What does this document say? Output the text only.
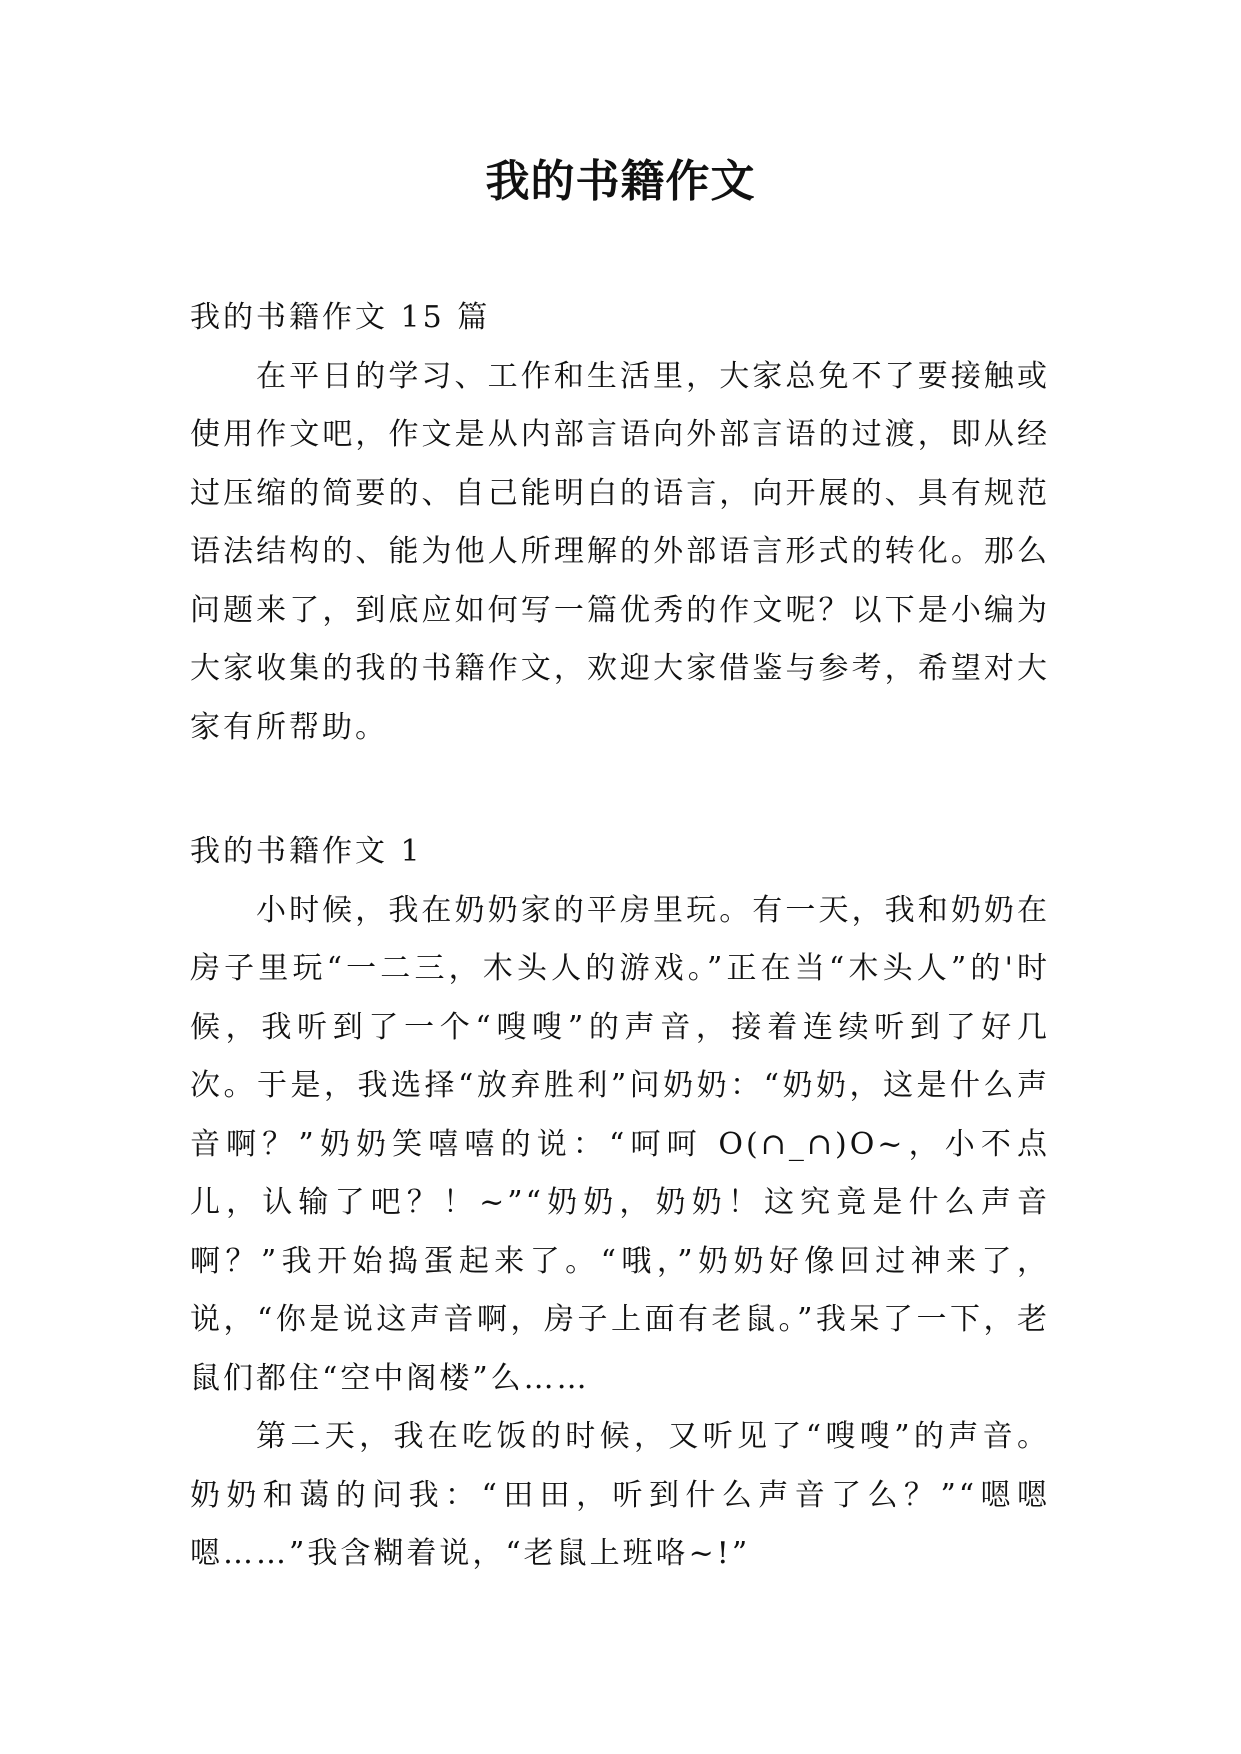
我的书籍作文

我的书籍作文 15 篇

在平日的学习、工作和生活里，大家总免不了要接触或使用作文吧，作文是从内部言语向外部言语的过渡，即从经过压缩的简要的、自己能明白的语言，向开展的、具有规范语法结构的、能为他人所理解的外部语言形式的转化。那么问题来了，到底应如何写一篇优秀的作文呢？以下是小编为大家收集的我的书籍作文，欢迎大家借鉴与参考，希望对大家有所帮助。

我的书籍作文 1

小时候，我在奶奶家的平房里玩。有一天，我和奶奶在房子里玩“一二三，木头人的游戏。”正在当“木头人”的'时候，我听到了一个“嗖嗖”的声音，接着连续听到了好几次。于是，我选择“放弃胜利”问奶奶：“奶奶，这是什么声音啊？”奶奶笑嘻嘻的说：“呵呵 O(∩_∩)O~，小不点儿，认输了吧？！~”“奶奶，奶奶！这究竟是什么声音啊？”我开始捣蛋起来了。“哦，”奶奶好像回过神来了，说，“你是说这声音啊，房子上面有老鼠。”我呆了一下，老鼠们都住“空中阁楼”么……

第二天，我在吃饭的时候，又听见了“嗖嗖”的声音。奶奶和蔼的问我：“田田，听到什么声音了么？”“嗯嗯嗯……”我含糊着说，“老鼠上班咯~!”
